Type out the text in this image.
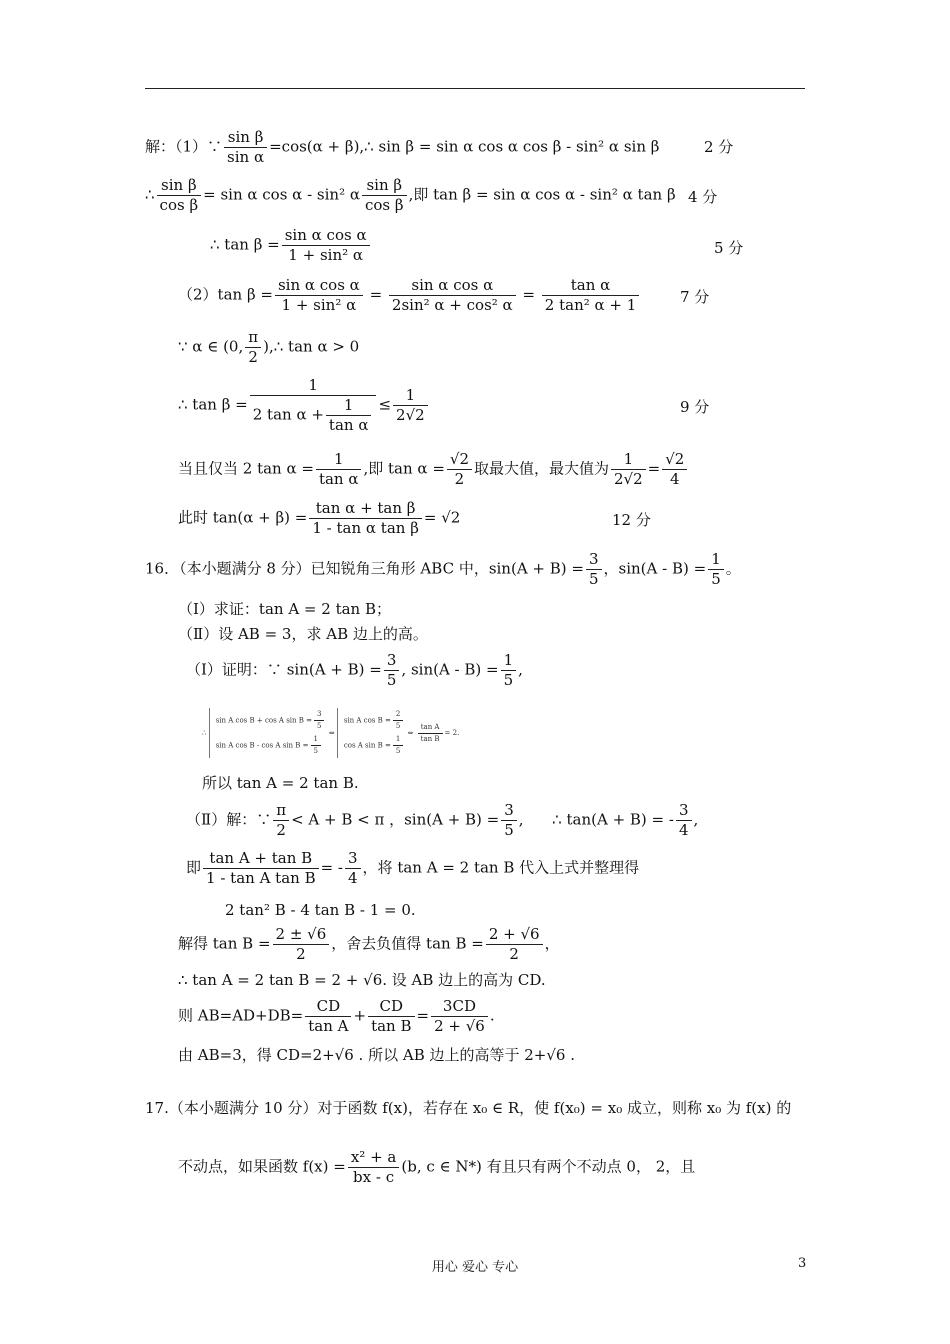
解：（1）∵ $\frac{\text{sin β}}{\text{sin α}} =\cos(\alpha$ + β),∴ sin β = sin α cos α cos β - sin² α sin β	2 分
∴ $\frac{\text{sin β}}{\text{cos β}} = \sin \alpha$ cos α - sin² α $\frac{\text{sin β}}{\text{cos β}}$ ,即 tan β = sin α cos α - sin² α tan β 4 分
∴ $\tan \beta = \frac{\text{sin α cos α}}{\text{1 + sin² α}}$	5 分
（2）tan $\beta = \frac{\text{sin α cos α}}{\text{1 + sin² α}} = \frac{\text{sin α cos α}}{\text{2sin² α + cos² α}} = \frac{\text{tan α}}{\text{2 tan² α + 1}}$	7 分
∵ α ∈ (0, $\frac{\pi}{2}$ ),∴ tan α > 0
∴ $\tan \beta = \frac{1}{2 \tan \alpha + \frac{1}{\text{tan α}}} \le \frac{1}{2√2}$	9 分
当且仅当 2 $\tan \alpha = \frac{1}{\text{tan α}}$ ,即 $\tan \alpha = \frac{√2}{2}$ 取最大值，最大值为 $\frac{1}{2√2} = \frac{√2}{4}$
此时 $\tan(\alpha + \beta) = \frac{\text{tan α + tan β}}{\text{1 - tan α tan β}} = √2$	12 分
16．（本小题满分 8 分）已知锐角三角形 ABC 中，$\sin(A + B) = \frac{3}{5}$ ，$\sin(A - B) = \frac{1}{5}$ 。
（Ⅰ）求证：tan A = 2 tan B；
（Ⅱ）设 AB = 3，求 AB 边上的高。
（Ⅰ）证明：∵ $\sin(A + B) = \frac{3}{5}$ , $\sin(A - B) = \frac{1}{5}$ ,
∴
sin A cos B + cos A $\sin B = \frac{3}{5}$
sin A cos B - cos A $\sin B = \frac{1}{5}$
⇔
sin A $\cos B = \frac{2}{5}$
cos A $\sin B = \frac{1}{5}$
⇔ $\frac{\text{tan A}}{\text{tan B}} = 2$.
所以 tan A = 2 tan B.
（Ⅱ）解：∵ $\frac{\pi}{2} < A + B < \pi$ ，$\sin(A + B) = \frac{3}{5}$ ,      ∴ tan(A + B) = - $\frac{3}{4}$ ,
即 $\frac{\text{tan A + tan B}}{\text{1 - tan A tan B}}$ = - $\frac{3}{4}$ ，将 tan A = 2 tan B 代入上式并整理得
2 tan² B - 4 tan B - 1 = 0.
解得 $\tan B = \frac{2 \pm √6}{2}$ ，舍去负值得 $\tan B = \frac{2 + √6}{2}$ ，
∴ tan A = 2 tan B = 2 + √6. 设 AB 边上的高为 CD.
则 $AB=AD+DB= \frac{CD}{\text{tan A}} + \frac{CD}{\text{tan B}} = \frac{3CD}{2 + √6}$ .
由 AB=3，得 CD=2+√6 . 所以 AB 边上的高等于 2+√6 .
17.（本小题满分 10 分）对于函数 f(x)，若存在 x₀ ∈ R，使 f(x₀) = x₀ 成立，则称 x₀ 为 f(x) 的
不动点，如果函数 $f(x) = \frac{\text{x² + a}}{bx - c} (b$, c ∈ N*) 有且只有两个不动点 0， 2，且
用心 爱心 专心	3
